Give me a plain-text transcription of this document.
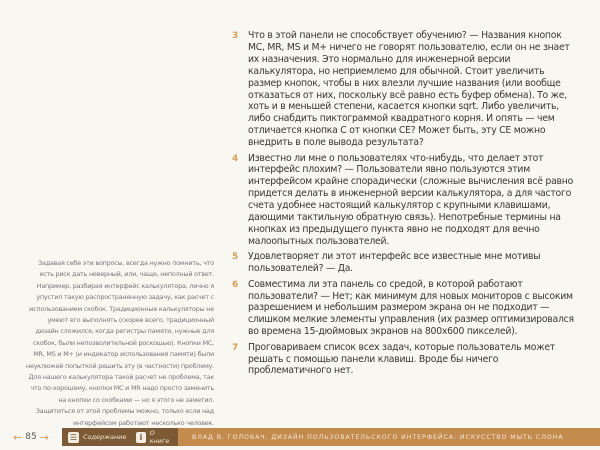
3	Что в этой панели не способствует обучению? — Названия кнопок MC, MR, MS и M+ ничего не говорят пользователю, если он не знает их назначения. Это нормально для инженерной версии калькулятора, но неприемлемо для обычной. Стоит увеличить размер кнопок, чтобы в них влезли лучшие названия (или вообще отказаться от них, поскольку всё равно есть буфер обмена). То же, хоть и в меньшей степени, касается кнопки sqrt. Либо увеличить, либо снабдить пиктограммой квадратного корня. И опять — чем отличается кнопка С от кнопки CE? Может быть, эту CE можно внедрить в поле вывода результата?
4	Известно ли мне о пользователях что-нибудь, что делает этот интерфейс плохим? — Пользователи явно пользуются этим интерфейсом крайне спорадически (сложные вычисления всё равно придется делать в инженерной версии калькулятора, а для частого счета удобнее настоящий калькулятор с крупными клавишами, дающими тактильную обратную связь). Непотребные термины на кнопках из предыдущего пункта явно не подходят для вечно малоопытных пользователей.
5	Удовлетворяет ли этот интерфейс все известные мне мотивы пользователей? — Да.
6	Совместима ли эта панель со средой, в которой работают пользователи? — Нет; как минимум для новых мониторов с высоким разрешением и небольшим размером экрана он не подходит — слишком мелкие элементы управления (их размер оптимизировался во времена 15-дюймовых экранов на 800x600 пикселей).
7	Проговариваем список всех задач, которые пользователь может решать с помощью панели клавиш. Вроде бы ничего проблематичного нет.
Задавая себе эти вопросы, всегда нужно помнить, что есть риск дать неверный, или, чаще, неполный ответ. Например, разбирая интерфейс калькулятора, лично я упустил такую распространенную задачу, как расчет с использованием скобок. Традиционные калькуляторы не умеют его выполнять (скорее всего, традиционный дизайн сложился, когда регистры памяти, нужные для скобок, были непозволительной роскошью). Кнопки MC, MR, MS и M+ (и индикатор использования памяти) были неуклюжей попыткой решить эту (в частности) проблему. Для нашего калькулятора такой расчет не проблема, так что по-хорошему, кнопки MC и MR надо просто заменить на кнопки со скобками — но я этого не заметил. Защититься от этой проблемы можно, только если над интерфейсом работают несколько человек.
← 85 →	☰ Содержание	i	О книге	ВЛАД В. ГОЛОВАЧ. ДИЗАЙН ПОЛЬЗОВАТЕЛЬСКОГО ИНТЕРФЕЙСА: ИСКУССТВО МЫТЬ СЛОНА
